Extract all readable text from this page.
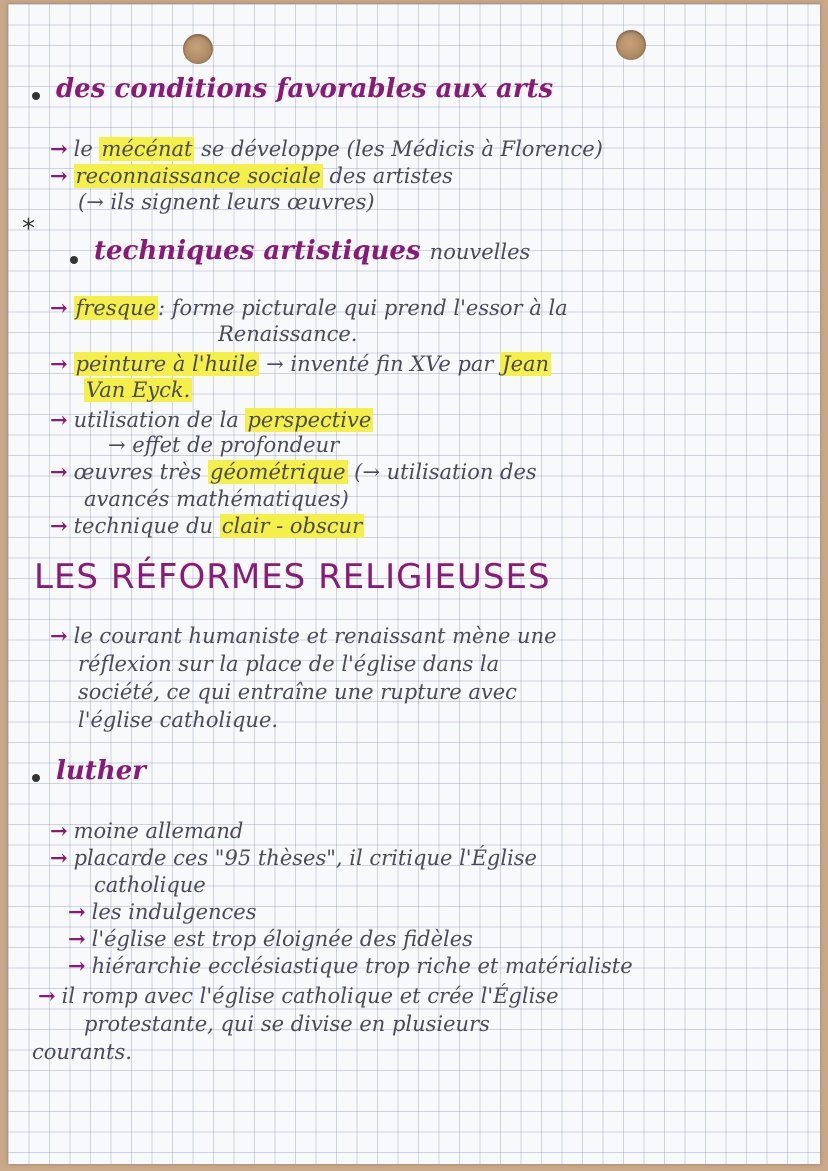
des conditions favorables aux arts
→ le mécénat se développe (les Médicis à Florence)
→ reconnaissance sociale des artistes
(→ ils signent leurs œuvres)
*
techniques artistiques nouvelles
→ fresque: forme picturale qui prend l'essor à la
Renaissance.
→ peinture à l'huile → inventé fin XVe par Jean
Van Eyck.
→ utilisation de la perspective
→ effet de profondeur
→ œuvres très géométrique (→ utilisation des
avancés mathématiques)
→ technique du clair - obscur
LES RÉFORMES RELIGIEUSES
→ le courant humaniste et renaissant mène une
réflexion sur la place de l'église dans la
société, ce qui entraîne une rupture avec
l'église catholique.
luther
→ moine allemand
→ placarde ces "95 thèses", il critique l'Église
catholique
→ les indulgences
→ l'église est trop éloignée des fidèles
→ hiérarchie ecclésiastique trop riche et matérialiste
→ il romp avec l'église catholique et crée l'Église
protestante, qui se divise en plusieurs
courants.
